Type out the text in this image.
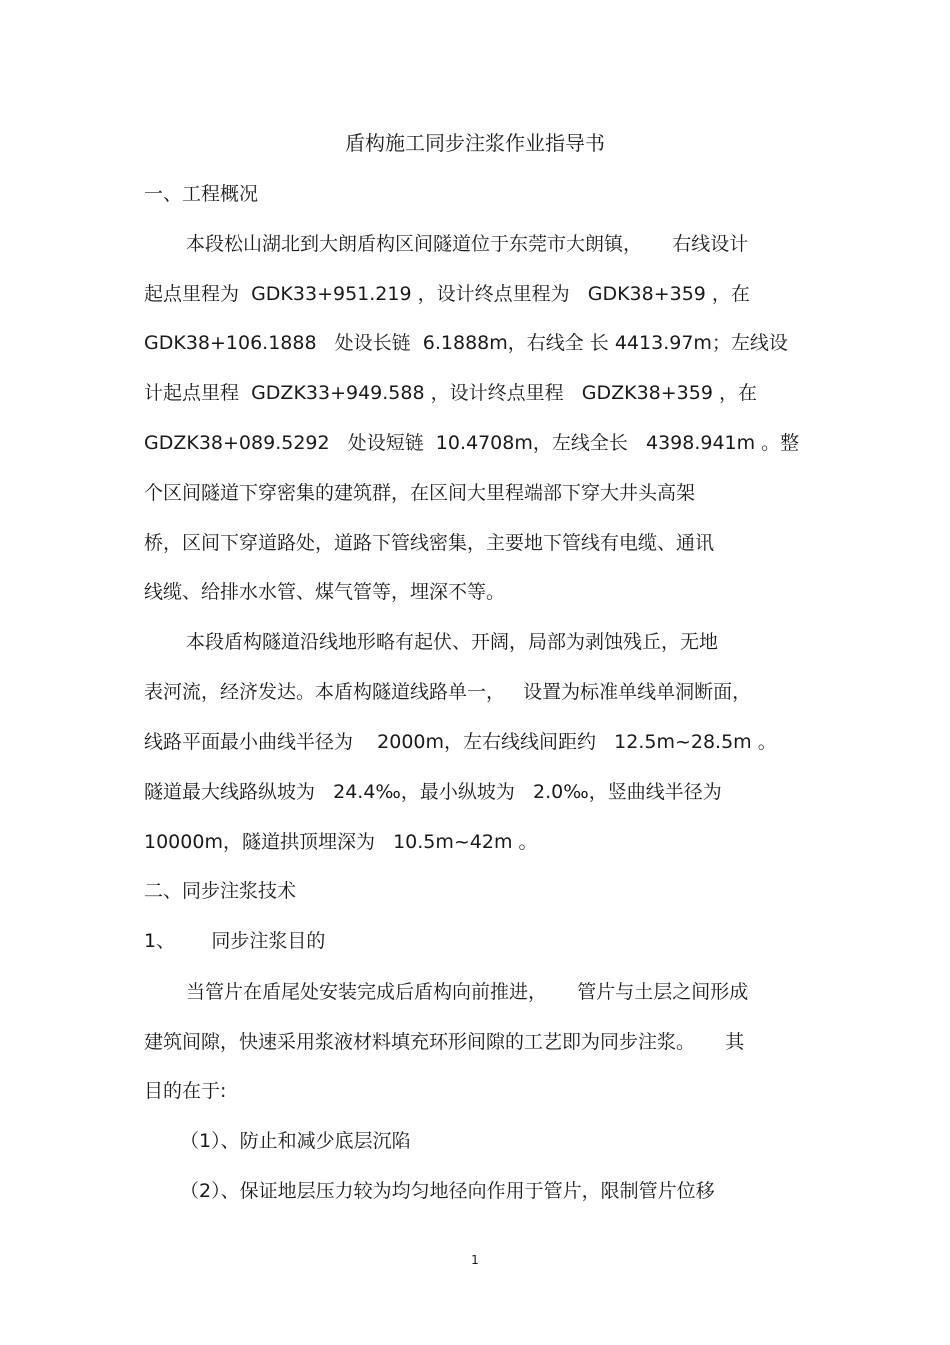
盾构施工同步注浆作业指导书
一、工程概况
本段松山湖北到大朗盾构区间隧道位于东莞市大朗镇，     右线设计
起点里程为  GDK33+951.219 ，设计终点里程为   GDK38+359 ，在
GDK38+106.1888   处设长链  6.1888m，右线全 长 4413.97m；左线设
计起点里程  GDZK33+949.588 ，设计终点里程   GDZK38+359 ，在
GDZK38+089.5292   处设短链  10.4708m，左线全长   4398.941m 。整
个区间隧道下穿密集的建筑群，在区间大里程端部下穿大井头高架
桥，区间下穿道路处，道路下管线密集，主要地下管线有电缆、通讯
线缆、给排水水管、煤气管等，埋深不等。
本段盾构隧道沿线地形略有起伏、开阔，局部为剥蚀残丘，无地
表河流，经济发达。本盾构隧道线路单一，   设置为标准单线单洞断面，
线路平面最小曲线半径为    2000m，左右线线间距约   12.5m~28.5m 。
隧道最大线路纵坡为   24.4‰，最小纵坡为   2.0‰，竖曲线半径为
10000m，隧道拱顶埋深为   10.5m~42m 。
二、同步注浆技术
1、      同步注浆目的
当管片在盾尾处安装完成后盾构向前推进，     管片与土层之间形成
建筑间隙，快速采用浆液材料填充环形间隙的工艺即为同步注浆。     其
目的在于:
（1）、防止和减少底层沉陷
（2）、保证地层压力较为均匀地径向作用于管片，限制管片位移
1
